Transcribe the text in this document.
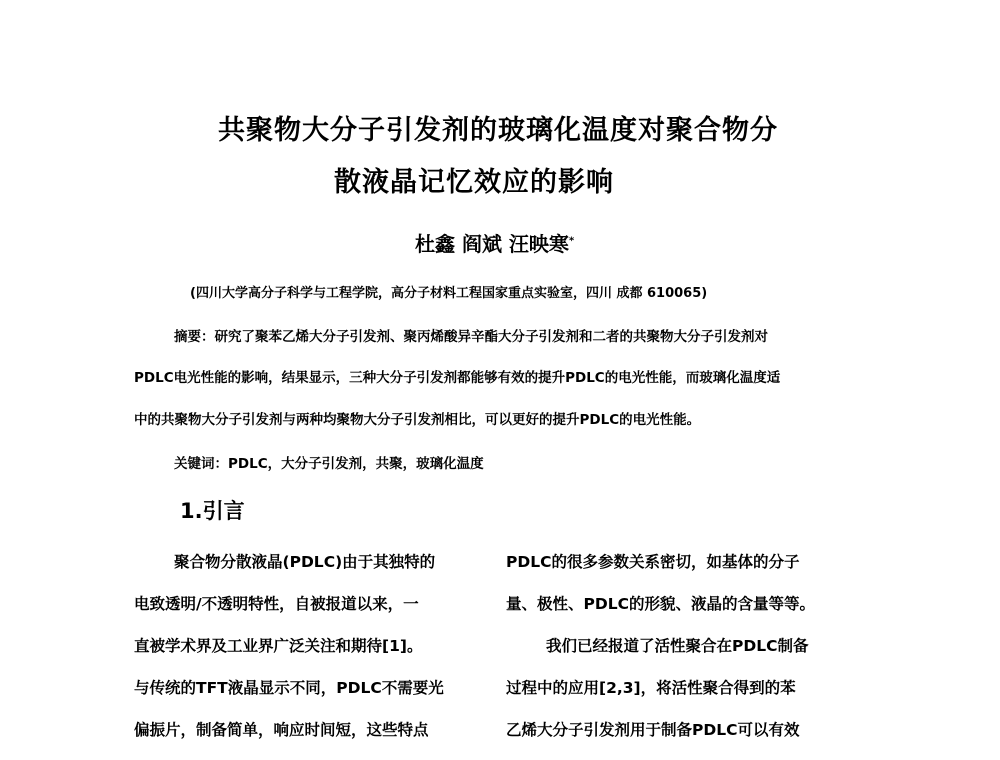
共聚物大分子引发剂的玻璃化温度对聚合物分
散液晶记忆效应的影响
杜鑫 阎斌 汪映寒*
(四川大学高分子科学与工程学院，高分子材料工程国家重点实验室，四川 成都 610065)
摘要：研究了聚苯乙烯大分子引发剂、聚丙烯酸异辛酯大分子引发剂和二者的共聚物大分子引发剂对
PDLC电光性能的影响，结果显示，三种大分子引发剂都能够有效的提升PDLC的电光性能，而玻璃化温度适
中的共聚物大分子引发剂与两种均聚物大分子引发剂相比，可以更好的提升PDLC的电光性能。
关键词：PDLC，大分子引发剂，共聚，玻璃化温度
1.引言
聚合物分散液晶(PDLC)由于其独特的
电致透明/不透明特性，自被报道以来，一
直被学术界及工业界广泛关注和期待[1]。
与传统的TFT液晶显示不同，PDLC不需要光
偏振片，制备简单，响应时间短，这些特点
PDLC的很多参数关系密切，如基体的分子
量、极性、PDLC的形貌、液晶的含量等等。
我们已经报道了活性聚合在PDLC制备
过程中的应用[2,3]，将活性聚合得到的苯
乙烯大分子引发剂用于制备PDLC可以有效
